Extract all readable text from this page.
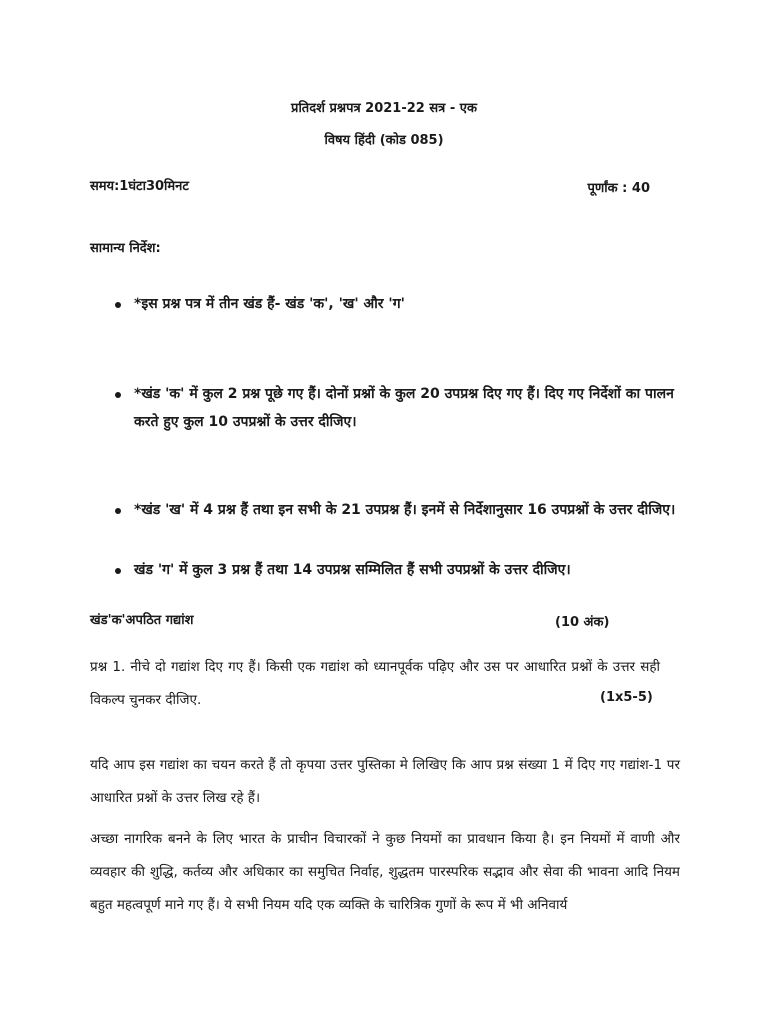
प्रतिदर्श प्रश्नपत्र 2021-22 सत्र - एक
विषय हिंदी (कोड 085)
समय:1घंटा30मिनट	पूर्णांक : 40
सामान्य निर्देश:
*इस प्रश्न पत्र में तीन खंड हैं- खंड 'क', 'ख' और 'ग'
*खंड 'क' में कुल 2 प्रश्न पूछे गए हैं। दोनों प्रश्नों के कुल 20 उपप्रश्न दिए गए हैं। दिए गए निर्देशों का पालन करते हुए कुल 10 उपप्रश्नों के उत्तर दीजिए।
*खंड 'ख' में 4 प्रश्न हैं तथा इन सभी के 21 उपप्रश्न हैं। इनमें से निर्देशानुसार 16 उपप्रश्नों के उत्तर दीजिए।
खंड 'ग' में कुल 3 प्रश्न हैं तथा 14 उपप्रश्न सम्मिलित हैं सभी उपप्रश्नों के उत्तर दीजिए।
खंड'क'अपठित गद्यांश	(10 अंक)
प्रश्न 1. नीचे दो गद्यांश दिए गए हैं। किसी एक गद्यांश को ध्यानपूर्वक पढ़िए और उस पर आधारित प्रश्नों के उत्तर सही विकल्प चुनकर दीजिए.	(1x5-5)
यदि आप इस गद्यांश का चयन करते हैं तो कृपया उत्तर पुस्तिका मे लिखिए कि आप प्रश्न संख्या 1 में दिए गए गद्यांश-1 पर आधारित प्रश्नों के उत्तर लिख रहे हैं।
अच्छा नागरिक बनने के लिए भारत के प्राचीन विचारकों ने कुछ नियमों का प्रावधान किया है। इन नियमों में वाणी और व्यवहार की शुद्धि, कर्तव्य और अधिकार का समुचित निर्वाह, शुद्धतम पारस्परिक सद्भाव और सेवा की भावना आदि नियम बहुत महत्वपूर्ण माने गए हैं। ये सभी नियम यदि एक व्यक्ति के चारित्रिक गुणों के रूप में भी अनिवार्य
